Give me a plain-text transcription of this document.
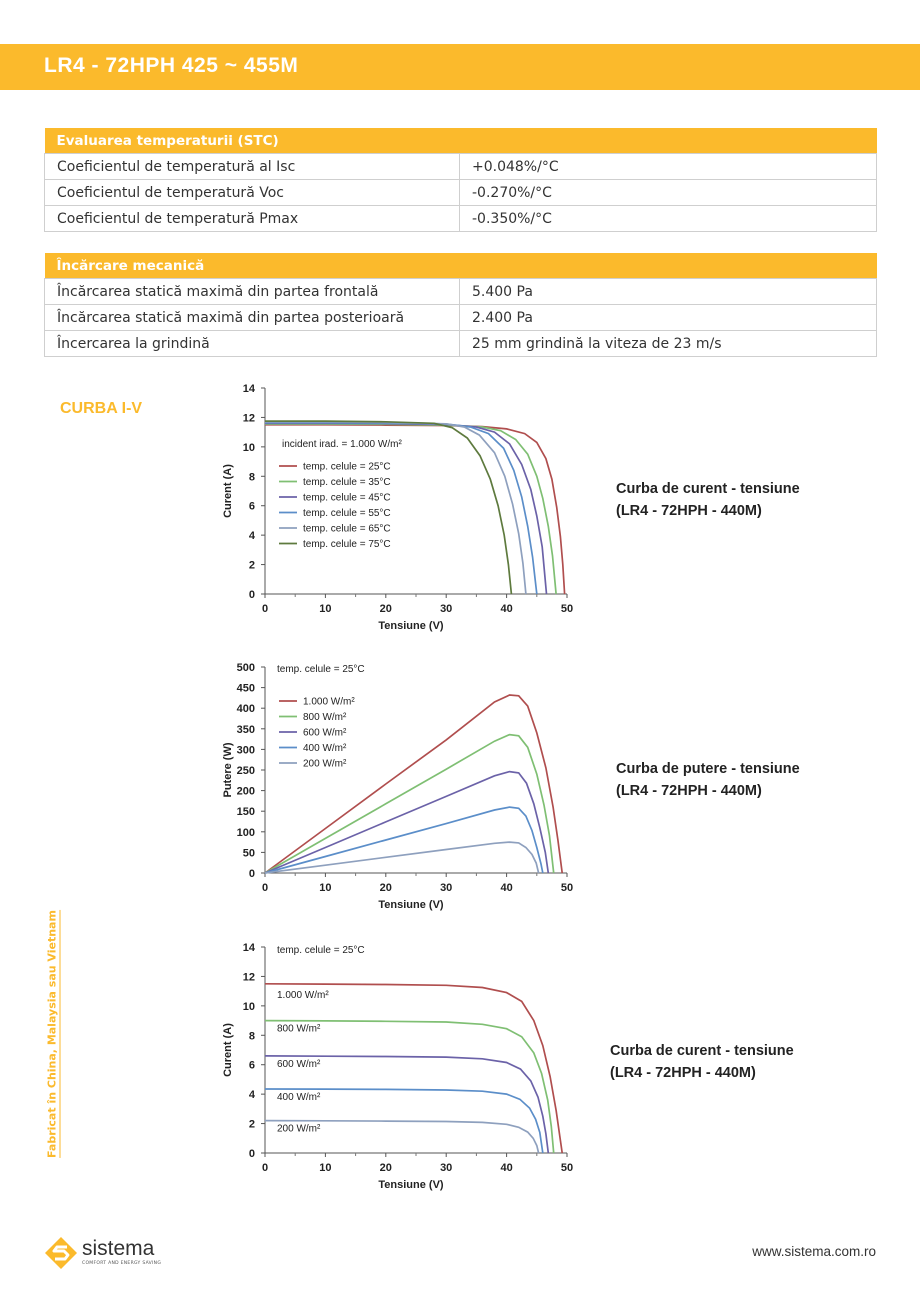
LR4 - 72HPH 425 ~ 455M
Evaluarea temperaturii (STC)	
Coeficientul de temperatură al Isc	+0.048%/°C
Coeficientul de temperatură Voc	-0.270%/°C
Coeficientul de temperatură Pmax	-0.350%/°C
Încărcare mecanică	
Încărcarea statică maximă din partea frontală	5.400 Pa
Încărcarea statică maximă din partea posterioară	2.400 Pa
Încercarea la grindină	25 mm grindină la viteza de 23 m/s
CURBA I-V
Fabricat în China, Malaysia sau Vietnam
0	10	20	30	40	50
0
2
4
6
8
10
12
14
Tensiune (V)
Curent (A)
incident irad. = 1.000 W/m²
temp. celule = 25°C
temp. celule = 35°C
temp. celule = 45°C
temp. celule = 55°C
temp. celule = 65°C
temp. celule = 75°C
0	10	20	30	40	50
0
50
100
150
200
250
300
350
400
450
500
Tensiune (V)
Putere (W)
temp. celule = 25°C
1.000 W/m²
800 W/m²
600 W/m²
400 W/m²
200 W/m²
0	10	20	30	40	50
0
2
4
6
8
10
12
14
Tensiune (V)
Curent (A)
temp. celule = 25°C
1.000 W/m²
800 W/m²
600 W/m²
400 W/m²
200 W/m²
Curba de curent - tensiune
(LR4 - 72HPH - 440M)
Curba de putere - tensiune
(LR4 - 72HPH - 440M)
Curba de curent - tensiune
(LR4 - 72HPH - 440M)
sistema
COMFORT AND ENERGY SAVING
www.sistema.com.ro
